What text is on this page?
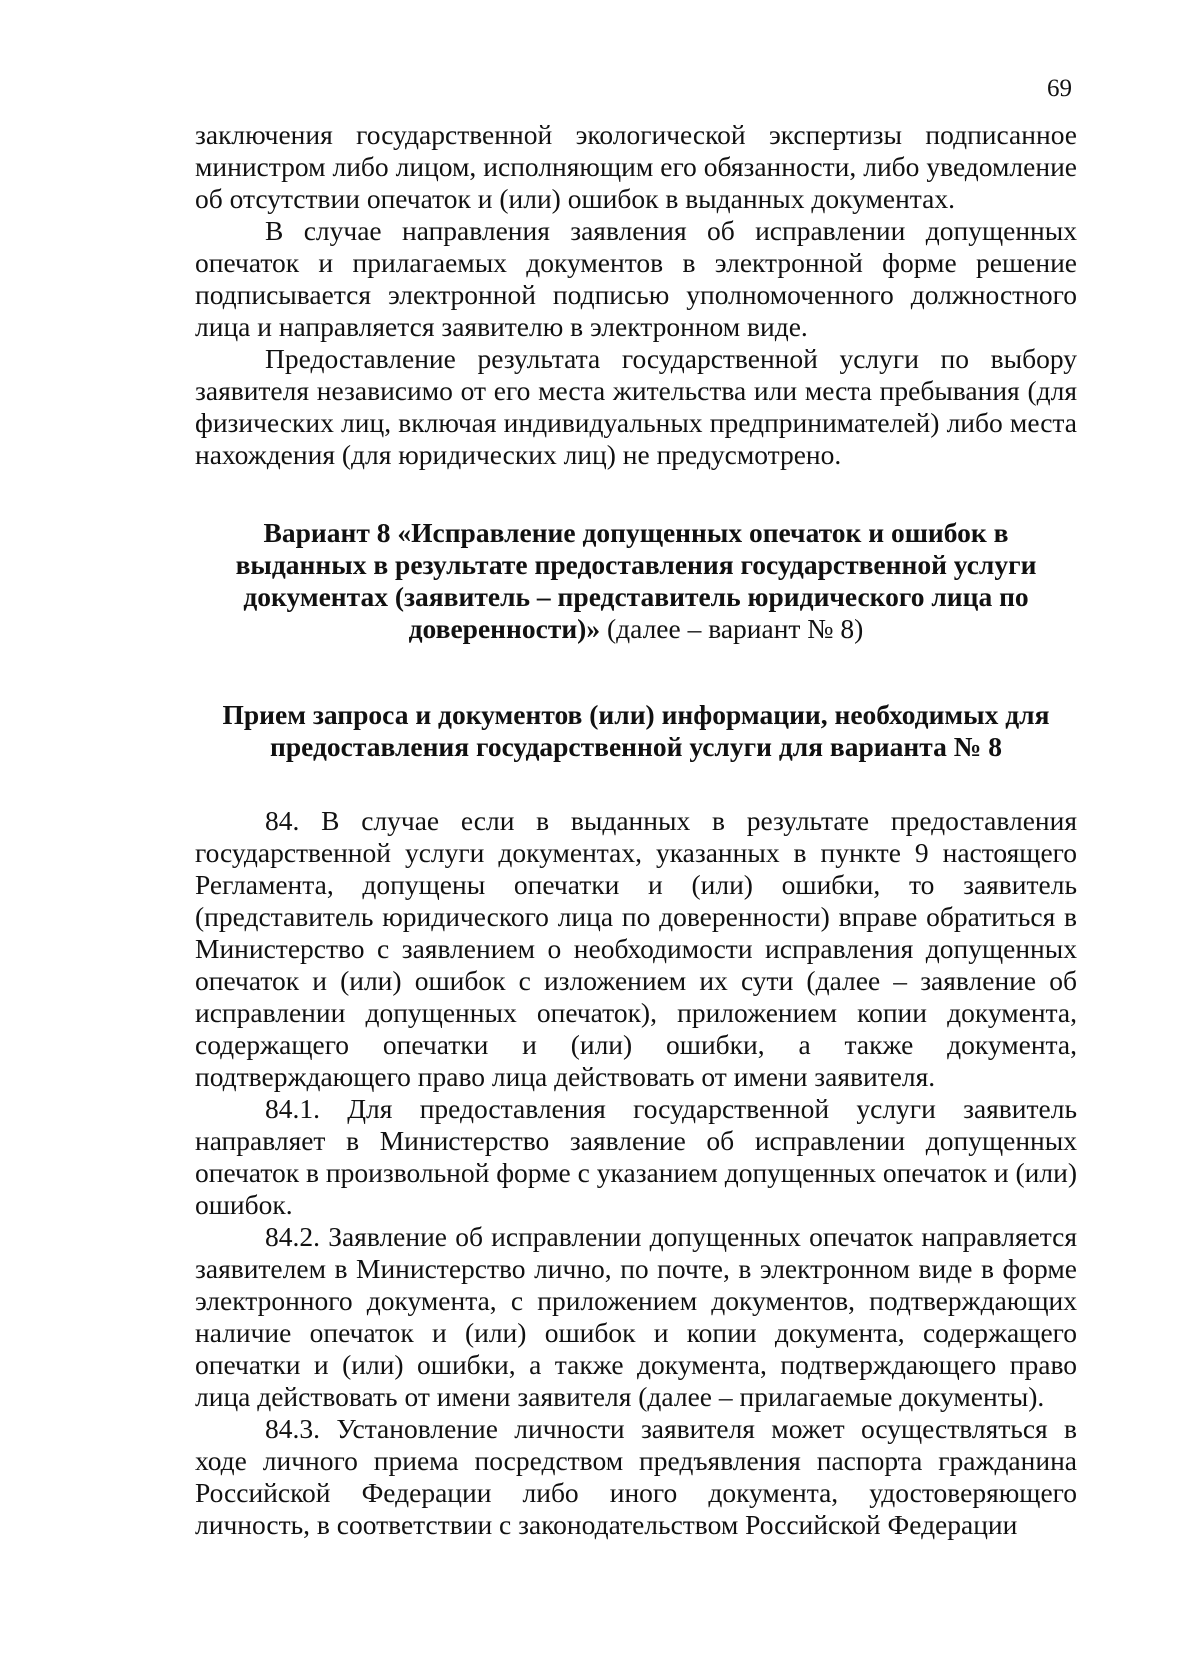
69

заключения государственной экологической экспертизы подписанное министром либо лицом, исполняющим его обязанности, либо уведомление об отсутствии опечаток и (или) ошибок в выданных документах.

В случае направления заявления об исправлении допущенных опечаток и прилагаемых документов в электронной форме решение подписывается электронной подписью уполномоченного должностного лица и направляется заявителю в электронном виде.

Предоставление результата государственной услуги по выбору заявителя независимо от его места жительства или места пребывания (для физических лиц, включая индивидуальных предпринимателей) либо места нахождения (для юридических лиц) не предусмотрено.

Вариант 8 «Исправление допущенных опечаток и ошибок в выданных в результате предоставления государственной услуги документах (заявитель – представитель юридического лица по доверенности)» (далее – вариант № 8)
Прием запроса и документов (или) информации, необходимых для предоставления государственной услуги для варианта № 8

84. В случае если в выданных в результате предоставления государственной услуги документах, указанных в пункте 9 настоящего Регламента, допущены опечатки и (или) ошибки, то заявитель (представитель юридического лица по доверенности) вправе обратиться в Министерство с заявлением о необходимости исправления допущенных опечаток и (или) ошибок с изложением их сути (далее – заявление об исправлении допущенных опечаток), приложением копии документа, содержащего опечатки и (или) ошибки, а также документа, подтверждающего право лица действовать от имени заявителя.

84.1. Для предоставления государственной услуги заявитель направляет в Министерство заявление об исправлении допущенных опечаток в произвольной форме с указанием допущенных опечаток и (или) ошибок.

84.2. Заявление об исправлении допущенных опечаток направляется заявителем в Министерство лично, по почте, в электронном виде в форме электронного документа, с приложением документов, подтверждающих наличие опечаток и (или) ошибок и копии документа, содержащего опечатки и (или) ошибки, а также документа, подтверждающего право лица действовать от имени заявителя (далее – прилагаемые документы).

84.3. Установление личности заявителя может осуществляться в ходе личного приема посредством предъявления паспорта гражданина Российской Федерации либо иного документа, удостоверяющего личность, в соответствии с законодательством Российской Федерации
